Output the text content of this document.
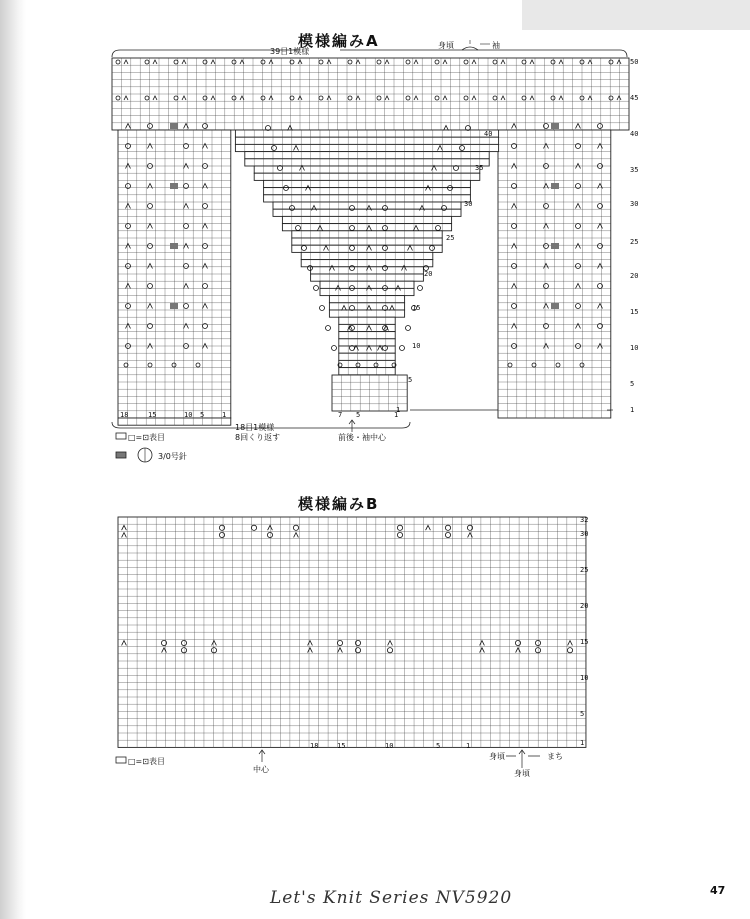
模様編みA	身頃	袖
39目1模様
18目1模様
8回くり返す	前後・袖中心
□=⊡表目
3/0号針
模様編みB
中心
身頃	まち
身頃
□=⊡表目
Let's Knit Series NV5920	47
50
45
40
35
30
25
20
15
10
5
1
40
35
30
25
20
15
10
5
1
18	15	10 5	1	7 5	1
32
30
25
20
15
10
5
1
18	15	10	5	1
